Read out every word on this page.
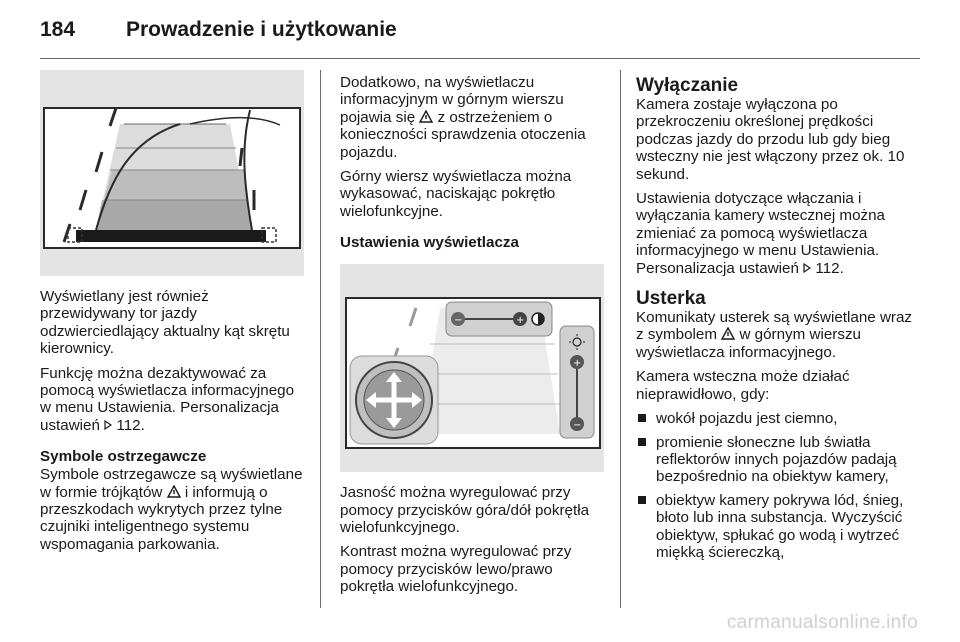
184 Prowadzenie i użytkowanie

Wyświetlany jest również przewidywany tor jazdy odzwierciedlający aktualny kąt skrętu kierownicy.

Funkcję można dezaktywować za pomocą wyświetlacza informacyjnego w menu Ustawienia. Personalizacja ustawień  112.

Symbole ostrzegawcze

Symbole ostrzegawcze są wyświetlane w formie trójkątów  i informują o przeszkodach wykrytych przez tylne czujniki inteligentnego systemu wspomagania parkowania.

Dodatkowo, na wyświetlaczu informacyjnym w górnym wierszu pojawia się  z ostrzeżeniem o konieczności sprawdzenia otoczenia pojazdu.

Górny wiersz wyświetlacza można wykasować, naciskając pokrętło wielofunkcyjne.

Ustawienia wyświetlacza
−	+
+
−

Jasność można wyregulować przy pomocy przycisków góra/dół pokrętła wielofunkcyjnego.

Kontrast można wyregulować przy pomocy przycisków lewo/prawo pokrętła wielofunkcyjnego.

Wyłączanie

Kamera zostaje wyłączona po przekroczeniu określonej prędkości podczas jazdy do przodu lub gdy bieg wsteczny nie jest włączony przez ok. 10 sekund.

Ustawienia dotyczące włączania i wyłączania kamery wstecznej można zmieniać za pomocą wyświetlacza informacyjnego w menu Ustawienia. Personalizacja ustawień  112.

Usterka

Komunikaty usterek są wyświetlane wraz z symbolem  w górnym wierszu wyświetlacza informacyjnego.

Kamera wsteczna może działać nieprawidłowo, gdy:

wokół pojazdu jest ciemno,
promienie słoneczne lub światła reflektorów innych pojazdów padają bezpośrednio na obiektyw kamery,
obiektyw kamery pokrywa lód, śnieg, błoto lub inna substancja. Wyczyścić obiektyw, spłukać go wodą i wytrzeć miękką ściereczką,
carmanualsonline.info
